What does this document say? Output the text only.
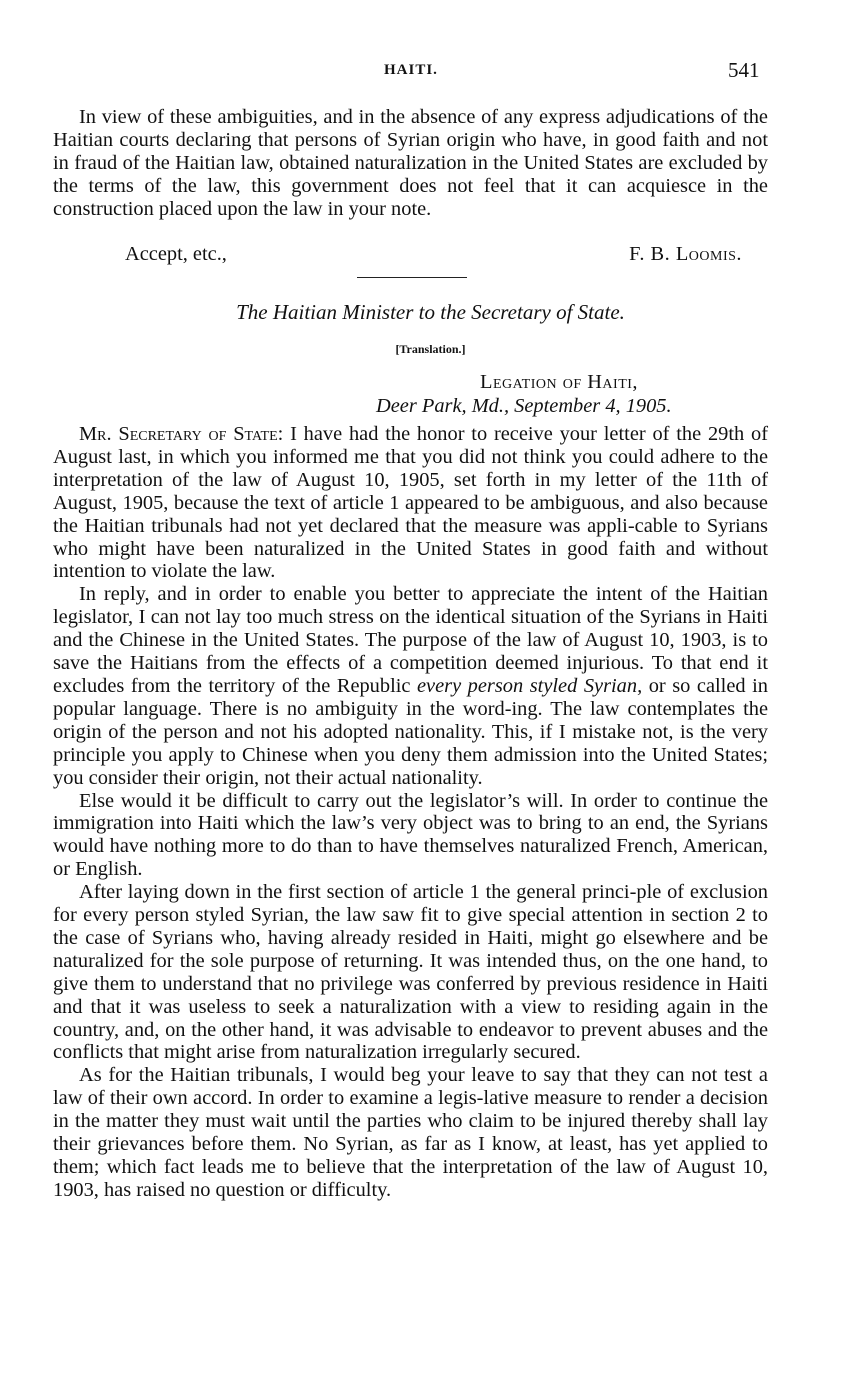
HAITI.	541

In view of these ambiguities, and in the absence of any express adjudications of the Haitian courts declaring that persons of Syrian origin who have, in good faith and not in fraud of the Haitian law, obtained naturalization in the United States are excluded by the terms of the law, this government does not feel that it can acquiesce in the construction placed upon the law in your note.

Accept, etc.,	F. B. Loomis.
The Haitian Minister to the Secretary of State.
[Translation.]
Legation of Haiti,
Deer Park, Md., September 4, 1905.

Mr. Secretary of State: I have had the honor to receive your letter of the 29th of August last, in which you informed me that you did not think you could adhere to the interpretation of the law of August 10, 1905, set forth in my letter of the 11th of August, 1905, because the text of article 1 appeared to be ambiguous, and also because the Haitian tribunals had not yet declared that the measure was appli-cable to Syrians who might have been naturalized in the United States in good faith and without intention to violate the law.

In reply, and in order to enable you better to appreciate the intent of the Haitian legislator, I can not lay too much stress on the identical situation of the Syrians in Haiti and the Chinese in the United States. The purpose of the law of August 10, 1903, is to save the Haitians from the effects of a competition deemed injurious. To that end it excludes from the territory of the Republic every person styled Syrian, or so called in popular language. There is no ambiguity in the word-ing. The law contemplates the origin of the person and not his adopted nationality. This, if I mistake not, is the very principle you apply to Chinese when you deny them admission into the United States; you consider their origin, not their actual nationality.

Else would it be difficult to carry out the legislator’s will. In order to continue the immigration into Haiti which the law’s very object was to bring to an end, the Syrians would have nothing more to do than to have themselves naturalized French, American, or English.

After laying down in the first section of article 1 the general princi-ple of exclusion for every person styled Syrian, the law saw fit to give special attention in section 2 to the case of Syrians who, having already resided in Haiti, might go elsewhere and be naturalized for the sole purpose of returning. It was intended thus, on the one hand, to give them to understand that no privilege was conferred by previous residence in Haiti and that it was useless to seek a naturalization with a view to residing again in the country, and, on the other hand, it was advisable to endeavor to prevent abuses and the conflicts that might arise from naturalization irregularly secured.

As for the Haitian tribunals, I would beg your leave to say that they can not test a law of their own accord. In order to examine a legis-lative measure to render a decision in the matter they must wait until the parties who claim to be injured thereby shall lay their grievances before them. No Syrian, as far as I know, at least, has yet applied to them; which fact leads me to believe that the interpretation of the law of August 10, 1903, has raised no question or difficulty.
